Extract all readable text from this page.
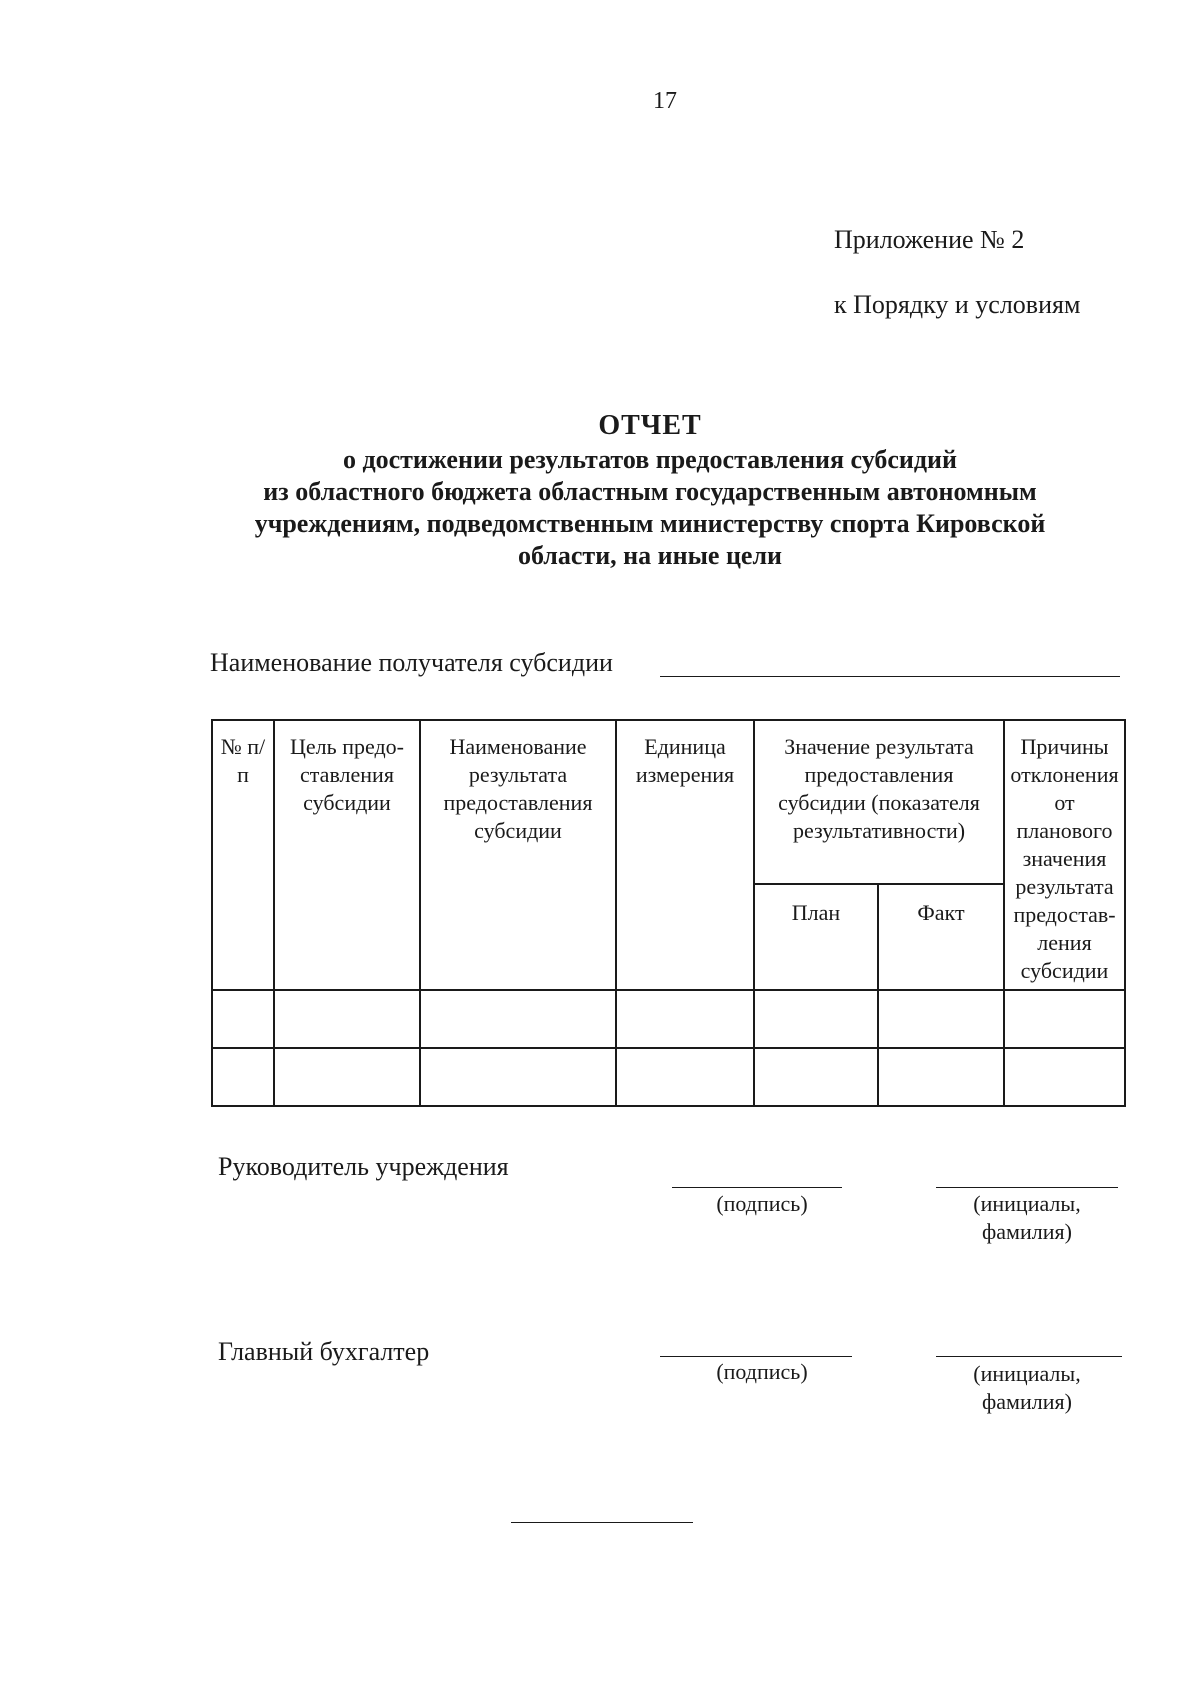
17
Приложение № 2
к Порядку и условиям
ОТЧЕТ
о достижении результатов предоставления субсидий
из областного бюджета областным государственным автономным
учреждениям, подведомственным министерству спорта Кировской
области, на иные цели
Наименование получателя субсидии
№ п/п	Цель предо-ставления субсидии	Наименование результата предоставления субсидии	Единица измерения	Значение результата предоставления субсидии (показателя результативности)		Причины отклонения от планового значения результата предостав-ления субсидии
				План	Факт	

Руководитель учреждения
(подпись)	(инициалы, фамилия)
Главный бухгалтер
(подпись)	(инициалы, фамилия)
